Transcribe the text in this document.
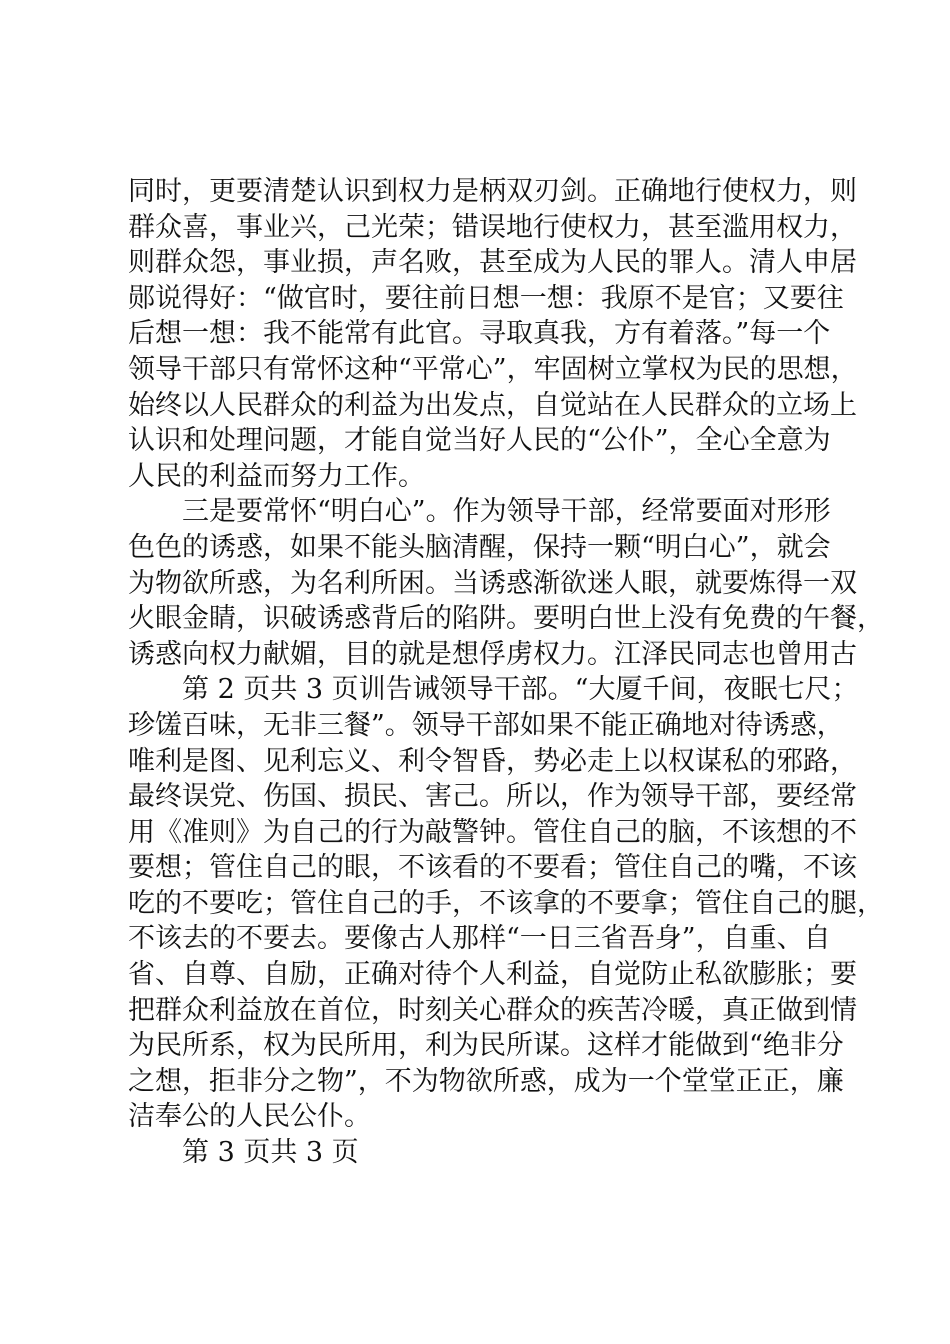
同时，更要清楚认识到权力是柄双刃剑。正确地行使权力，则
群众喜，事业兴，己光荣；错误地行使权力，甚至滥用权力，
则群众怨，事业损，声名败，甚至成为人民的罪人。清人申居
郧说得好：“做官时，要往前日想一想：我原不是官；又要往
后想一想：我不能常有此官。寻取真我，方有着落。”每一个
领导干部只有常怀这种“平常心”，牢固树立掌权为民的思想，
始终以人民群众的利益为出发点，自觉站在人民群众的立场上
认识和处理问题，才能自觉当好人民的“公仆”，全心全意为
人民的利益而努力工作。
三是要常怀“明白心”。作为领导干部，经常要面对形形
色色的诱惑，如果不能头脑清醒，保持一颗“明白心”，就会
为物欲所惑，为名利所困。当诱惑渐欲迷人眼，就要炼得一双
火眼金睛，识破诱惑背后的陷阱。要明白世上没有免费的午餐，
诱惑向权力献媚，目的就是想俘虏权力。江泽民同志也曾用古
第 2 页共 3 页训告诫领导干部。“大厦千间，夜眠七尺；
珍馐百味，无非三餐”。领导干部如果不能正确地对待诱惑，
唯利是图、见利忘义、利令智昏，势必走上以权谋私的邪路，
最终误党、伤国、损民、害己。所以，作为领导干部，要经常
用《准则》为自己的行为敲警钟。管住自己的脑，不该想的不
要想；管住自己的眼，不该看的不要看；管住自己的嘴，不该
吃的不要吃；管住自己的手，不该拿的不要拿；管住自己的腿，
不该去的不要去。要像古人那样“一日三省吾身”，自重、自
省、自尊、自励，正确对待个人利益，自觉防止私欲膨胀；要
把群众利益放在首位，时刻关心群众的疾苦冷暖，真正做到情
为民所系，权为民所用，利为民所谋。这样才能做到“绝非分
之想，拒非分之物”，不为物欲所惑，成为一个堂堂正正，廉
洁奉公的人民公仆。
第 3 页共 3 页
